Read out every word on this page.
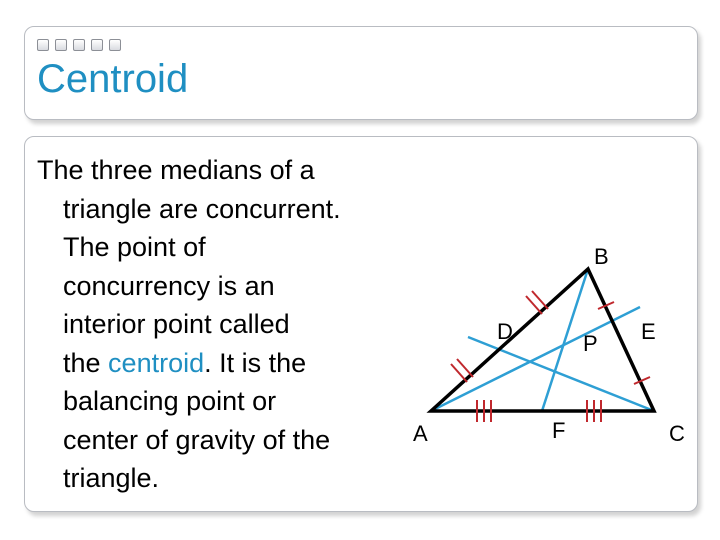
Centroid
The three medians of a
triangle are concurrent.
The point of
concurrency is an
interior point called
the centroid. It is the
balancing point or
center of gravity of the
triangle.
A
B
C
D	E
F
P
